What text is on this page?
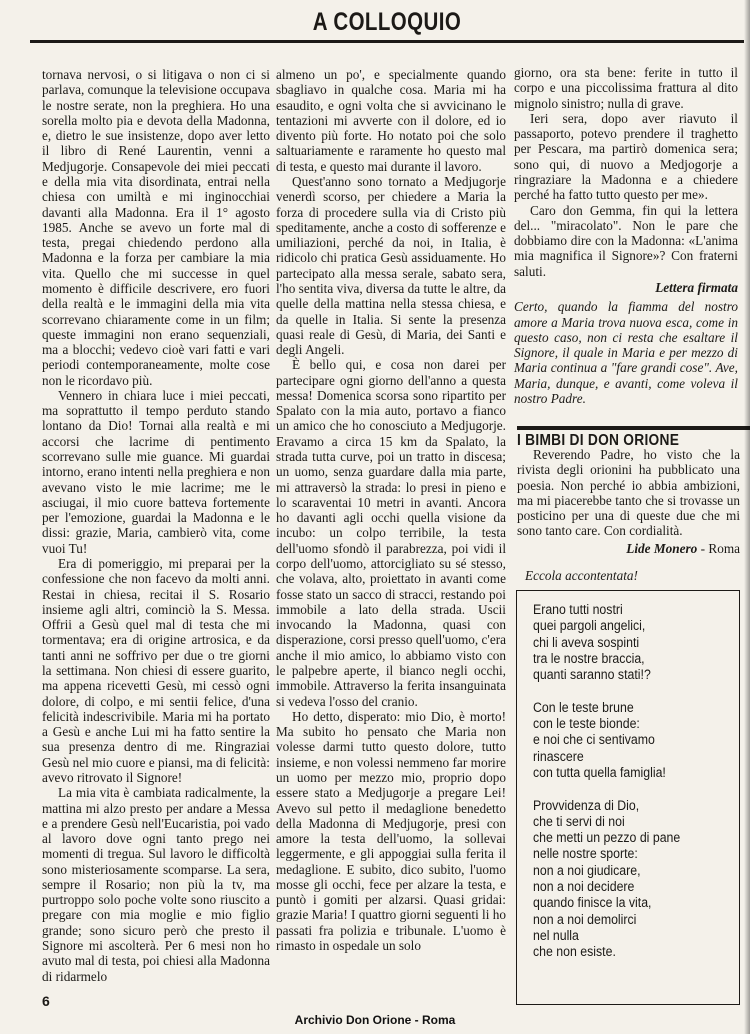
A COLLOQUIO

tornava nervosi, o si litigava o non ci si parlava, comunque la televisione occupava le nostre serate, non la preghiera. Ho una sorella molto pia e devota della Madonna, e, dietro le sue insistenze, dopo aver letto il libro di René Laurentin, venni a Medjugorje. Consapevole dei miei peccati e della mia vita disordinata, entrai nella chiesa con umiltà e mi inginocchiai davanti alla Madonna. Era il 1° agosto 1985. Anche se avevo un forte mal di testa, pregai chiedendo perdono alla Madonna e la forza per cambiare la mia vita. Quello che mi successe in quel momento è difficile descrivere, ero fuori della realtà e le immagini della mia vita scorrevano chiaramente come in un film; queste immagini non erano sequenziali, ma a blocchi; vedevo cioè vari fatti e vari periodi contemporaneamente, molte cose non le ricordavo più.

Vennero in chiara luce i miei peccati, ma soprattutto il tempo perduto stando lontano da Dio! Tornai alla realtà e mi accorsi che lacrime di pentimento scorrevano sulle mie guance. Mi guardai intorno, erano intenti nella preghiera e non avevano visto le mie lacrime; me le asciugai, il mio cuore batteva fortemente per l'emozione, guardai la Madonna e le dissi: grazie, Maria, cambierò vita, come vuoi Tu!

Era di pomeriggio, mi preparai per la confessione che non facevo da molti anni. Restai in chiesa, recitai il S. Rosario insieme agli altri, cominciò la S. Messa. Offrii a Gesù quel mal di testa che mi tormentava; era di origine artrosica, e da tanti anni ne soffrivo per due o tre giorni la settimana. Non chiesi di essere guarito, ma appena ricevetti Gesù, mi cessò ogni dolore, di colpo, e mi sentii felice, d'una felicità indescrivibile. Maria mi ha portato a Gesù e anche Lui mi ha fatto sentire la sua presenza dentro di me. Ringraziai Gesù nel mio cuore e piansi, ma di felicità: avevo ritrovato il Signore!

La mia vita è cambiata radicalmente, la mattina mi alzo presto per andare a Messa e a prendere Gesù nell'Eucaristia, poi vado al lavoro dove ogni tanto prego nei momenti di tregua. Sul lavoro le difficoltà sono misteriosamente scomparse. La sera, sempre il Rosario; non più la tv, ma purtroppo solo poche volte sono riuscito a pregare con mia moglie e mio figlio grande; sono sicuro però che presto il Signore mi ascolterà. Per 6 mesi non ho avuto mal di testa, poi chiesi alla Madonna di ridarmelo

almeno un po', e specialmente quando sbagliavo in qualche cosa. Maria mi ha esaudito, e ogni volta che si avvicinano le tentazioni mi avverte con il dolore, ed io divento più forte. Ho notato poi che solo saltuariamente e raramente ho questo mal di testa, e questo mai durante il lavoro.

Quest'anno sono tornato a Medjugorje venerdì scorso, per chiedere a Maria la forza di procedere sulla via di Cristo più speditamente, anche a costo di sofferenze e umiliazioni, perché da noi, in Italia, è ridicolo chi pratica Gesù assiduamente. Ho partecipato alla messa serale, sabato sera, l'ho sentita viva, diversa da tutte le altre, da quelle della mattina nella stessa chiesa, e da quelle in Italia. Si sente la presenza quasi reale di Gesù, di Maria, dei Santi e degli Angeli.

È bello qui, e cosa non darei per partecipare ogni giorno dell'anno a questa messa! Domenica scorsa sono ripartito per Spalato con la mia auto, portavo a fianco un amico che ho conosciuto a Medjugorje. Eravamo a circa 15 km da Spalato, la strada tutta curve, poi un tratto in discesa; un uomo, senza guardare dalla mia parte, mi attraversò la strada: lo presi in pieno e lo scaraventai 10 metri in avanti. Ancora ho davanti agli occhi quella visione da incubo: un colpo terribile, la testa dell'uomo sfondò il parabrezza, poi vidi il corpo dell'uomo, attorcigliato su sé stesso, che volava, alto, proiettato in avanti come fosse stato un sacco di stracci, restando poi immobile a lato della strada. Uscii invocando la Madonna, quasi con disperazione, corsi presso quell'uomo, c'era anche il mio amico, lo abbiamo visto con le palpebre aperte, il bianco negli occhi, immobile. Attraverso la ferita insanguinata si vedeva l'osso del cranio.

Ho detto, disperato: mio Dio, è morto! Ma subito ho pensato che Maria non volesse darmi tutto questo dolore, tutto insieme, e non volessi nemmeno far morire un uomo per mezzo mio, proprio dopo essere stato a Medjugorje a pregare Lei! Avevo sul petto il medaglione benedetto della Madonna di Medjugorje, presi con amore la testa dell'uomo, la sollevai leggermente, e gli appoggiai sulla ferita il medaglione. E subito, dico subito, l'uomo mosse gli occhi, fece per alzare la testa, e puntò i gomiti per alzarsi. Quasi gridai: grazie Maria! I quattro giorni seguenti li ho passati fra polizia e tribunale. L'uomo è rimasto in ospedale un solo

giorno, ora sta bene: ferite in tutto il corpo e una piccolissima frattura al dito mignolo sinistro; nulla di grave.

Ieri sera, dopo aver riavuto il passaporto, potevo prendere il traghetto per Pescara, ma partirò domenica sera; sono qui, di nuovo a Medjogorje a ringraziare la Madonna e a chiedere perché ha fatto tutto questo per me».

Caro don Gemma, fin qui la lettera del... "miracolato". Non le pare che dobbiamo dire con la Madonna: «L'anima mia magnifica il Signore»? Con fraterni saluti.

Lettera firmata

Certo, quando la fiamma del nostro amore a Maria trova nuova esca, come in questo caso, non ci resta che esaltare il Signore, il quale in Maria e per mezzo di Maria continua a "fare grandi cose". Ave, Maria, dunque, e avanti, come voleva il nostro Padre.

I BIMBI DI DON ORIONE

Reverendo Padre, ho visto che la rivista degli orionini ha pubblicato una poesia. Non perché io abbia ambizioni, ma mi piacerebbe tanto che si trovasse un posticino per una di queste due che mi sono tanto care. Con cordialità.

Lide Monero - Roma

Eccola accontentata!

Erano tutti nostri
quei pargoli angelici,
chi li aveva sospinti
tra le nostre braccia,
quanti saranno stati!?
Con le teste brune
con le teste bionde:
e noi che ci sentivamo
rinascere
con tutta quella famiglia!
Provvidenza di Dio,
che ti servi di noi
che metti un pezzo di pane
nelle nostre sporte:
non a noi giudicare,
non a noi decidere
quando finisce la vita,
non a noi demolirci
nel nulla
che non esiste.
6
Archivio Don Orione - Roma
